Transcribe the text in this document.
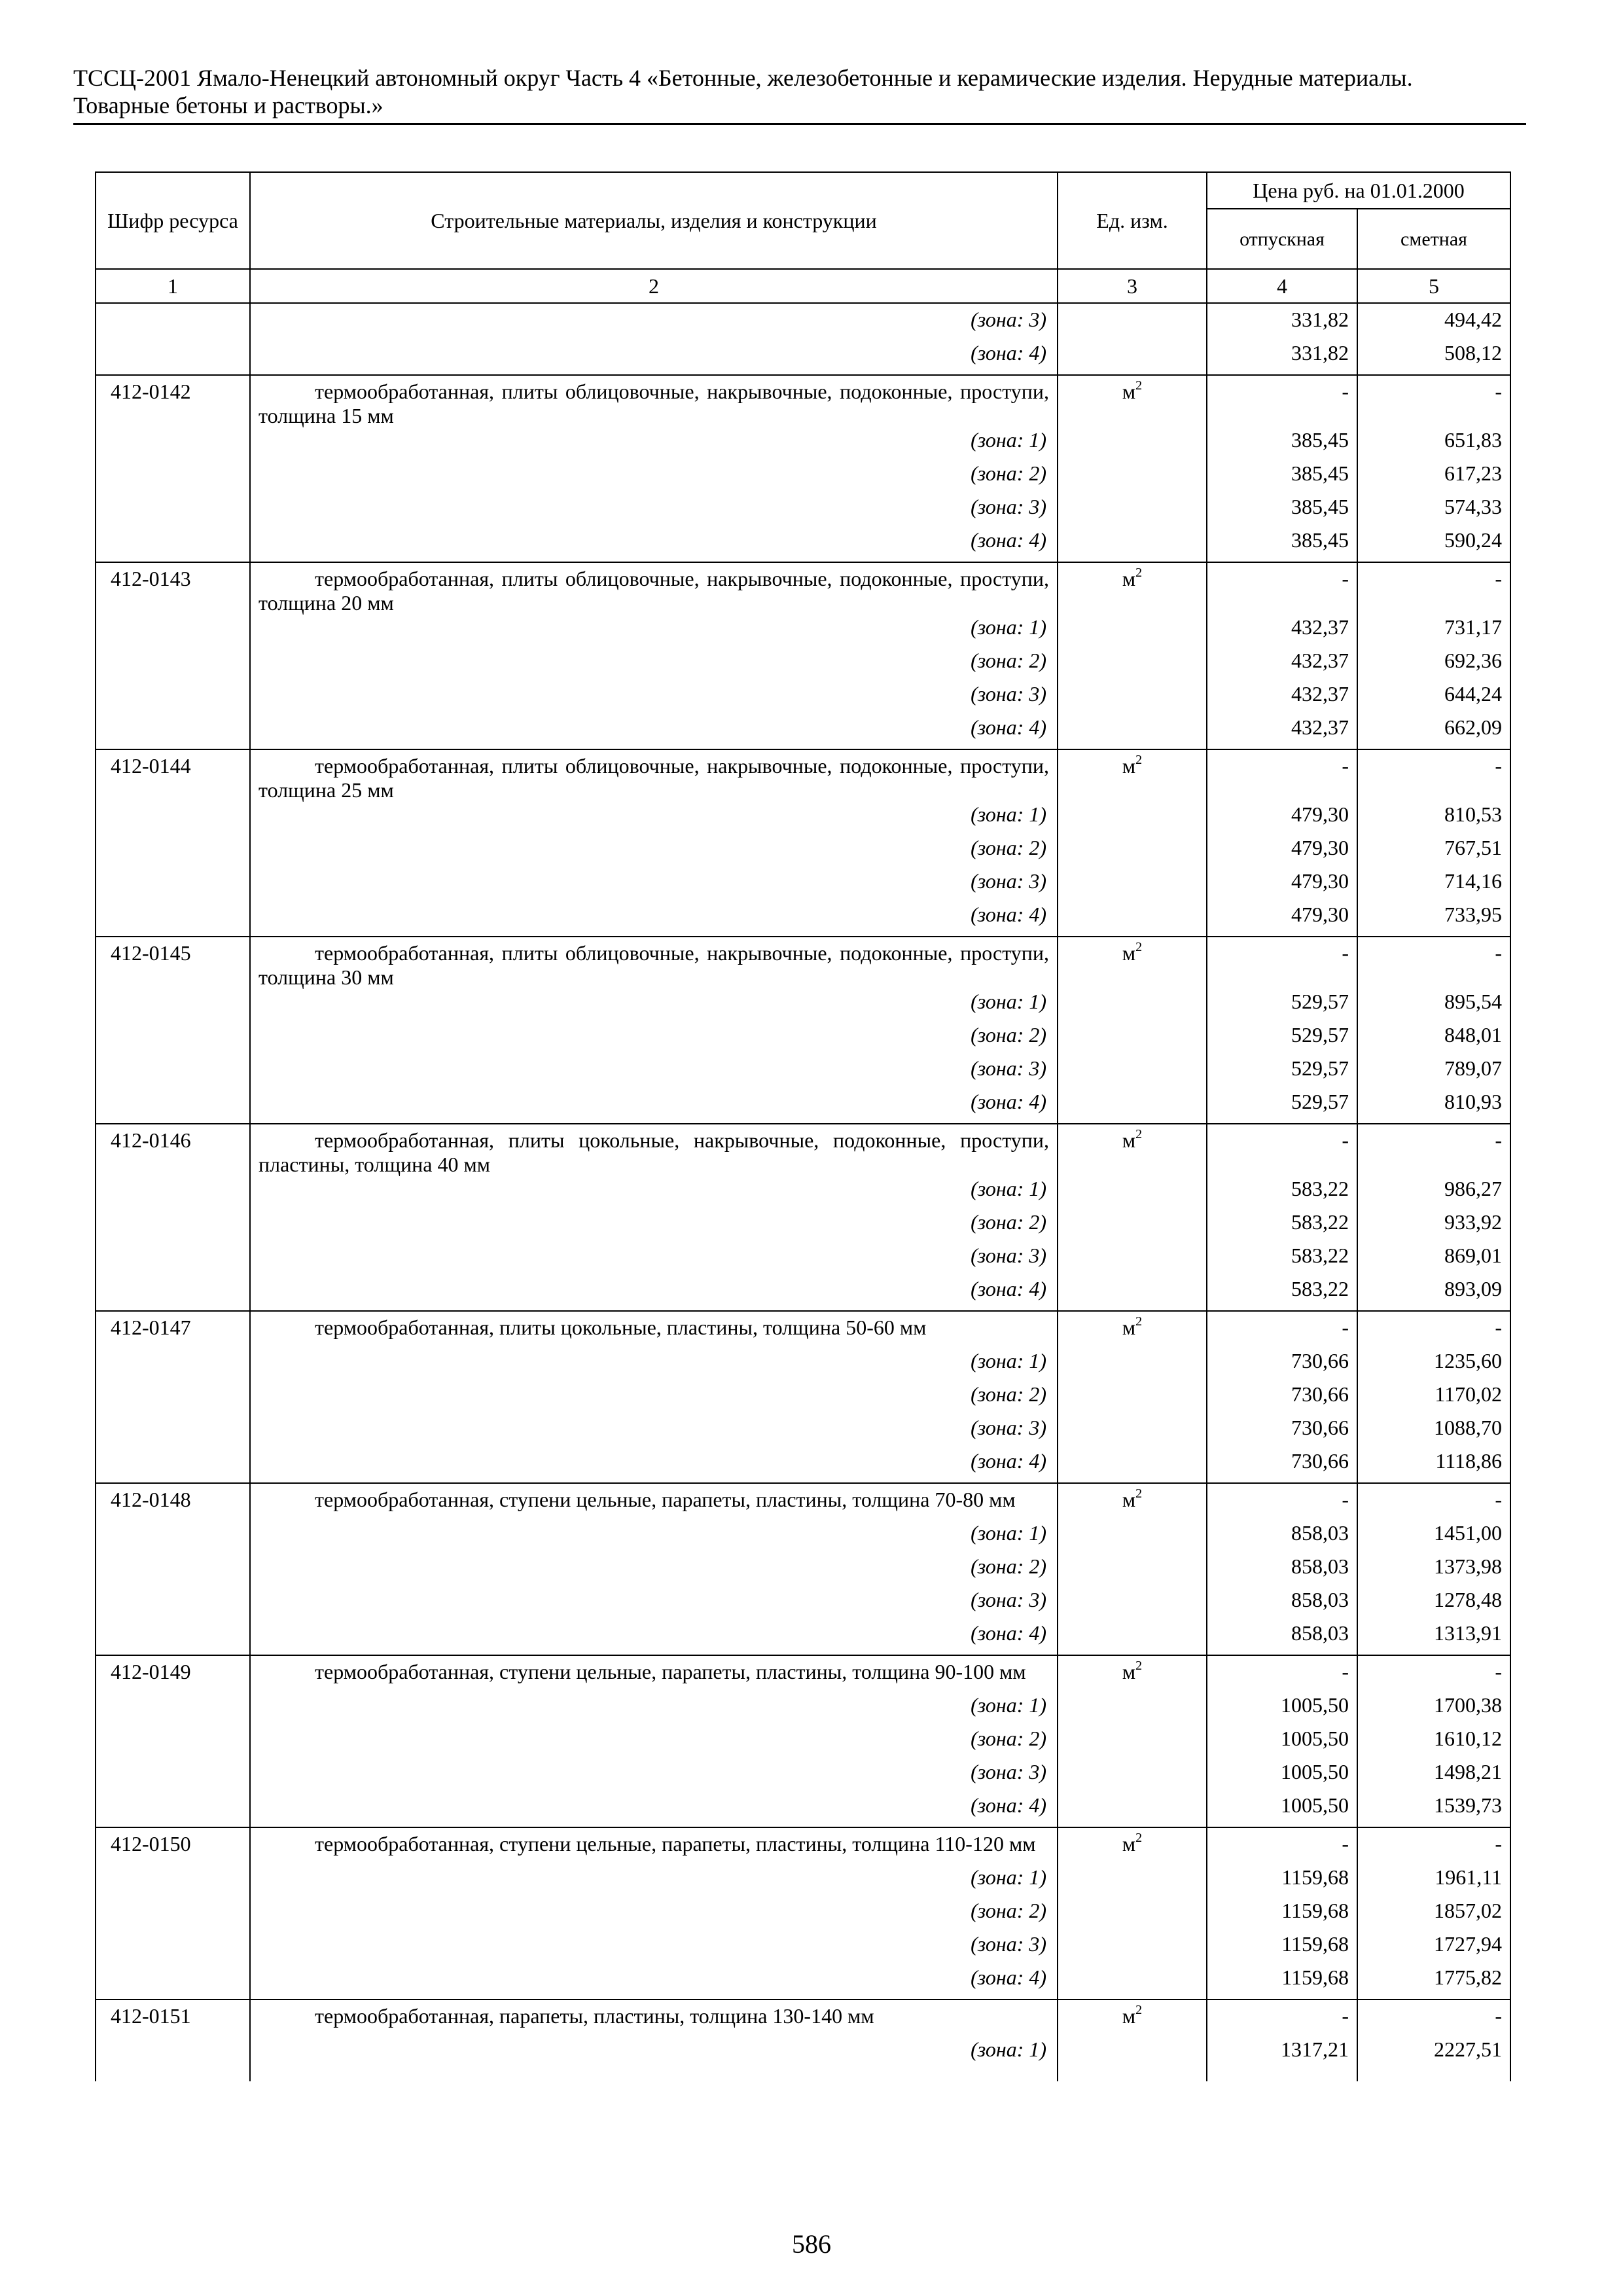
ТССЦ-2001 Ямало-Ненецкий автономный округ Часть 4 «Бетонные, железобетонные и керамические изделия. Нерудные материалы.
Товарные бетоны и растворы.»
Шифр ресурса	Строительные материалы, изделия и конструкции	Ед. изм.	Цена руб. на 01.01.2000	
			отпускная	сметная
1	2	3	4	5
	(зона: 3)		331,82	494,42
	(зона: 4)		331,82	508,12
412-0142	термообработанная, плиты облицовочные, накрывочные, подоконные, проступи, толщина 15 мм	$м^2$	-	-
	(зона: 1)		385,45	651,83
	(зона: 2)		385,45	617,23
	(зона: 3)		385,45	574,33
	(зона: 4)		385,45	590,24
412-0143	термообработанная, плиты облицовочные, накрывочные, подоконные, проступи, толщина 20 мм	$м^2$	-	-
	(зона: 1)		432,37	731,17
	(зона: 2)		432,37	692,36
	(зона: 3)		432,37	644,24
	(зона: 4)		432,37	662,09
412-0144	термообработанная, плиты облицовочные, накрывочные, подоконные, проступи, толщина 25 мм	$м^2$	-	-
	(зона: 1)		479,30	810,53
	(зона: 2)		479,30	767,51
	(зона: 3)		479,30	714,16
	(зона: 4)		479,30	733,95
412-0145	термообработанная, плиты облицовочные, накрывочные, подоконные, проступи, толщина 30 мм	$м^2$	-	-
	(зона: 1)		529,57	895,54
	(зона: 2)		529,57	848,01
	(зона: 3)		529,57	789,07
	(зона: 4)		529,57	810,93
412-0146	термообработанная, плиты цокольные, накрывочные, подоконные, проступи, пластины, толщина 40 мм	$м^2$	-	-
	(зона: 1)		583,22	986,27
	(зона: 2)		583,22	933,92
	(зона: 3)		583,22	869,01
	(зона: 4)		583,22	893,09
412-0147	термообработанная, плиты цокольные, пластины, толщина 50-60 мм	$м^2$	-	-
	(зона: 1)		730,66	1235,60
	(зона: 2)		730,66	1170,02
	(зона: 3)		730,66	1088,70
	(зона: 4)		730,66	1118,86
412-0148	термообработанная, ступени цельные, парапеты, пластины, толщина 70-80 мм	$м^2$	-	-
	(зона: 1)		858,03	1451,00
	(зона: 2)		858,03	1373,98
	(зона: 3)		858,03	1278,48
	(зона: 4)		858,03	1313,91
412-0149	термообработанная, ступени цельные, парапеты, пластины, толщина 90-100 мм	$м^2$	-	-
	(зона: 1)		1005,50	1700,38
	(зона: 2)		1005,50	1610,12
	(зона: 3)		1005,50	1498,21
	(зона: 4)		1005,50	1539,73
412-0150	термообработанная, ступени цельные, парапеты, пластины, толщина 110-120 мм	$м^2$	-	-
	(зона: 1)		1159,68	1961,11
	(зона: 2)		1159,68	1857,02
	(зона: 3)		1159,68	1727,94
	(зона: 4)		1159,68	1775,82
412-0151	термообработанная, парапеты, пластины, толщина 130-140 мм	$м^2$	-	-
	(зона: 1)		1317,21	2227,51

586
